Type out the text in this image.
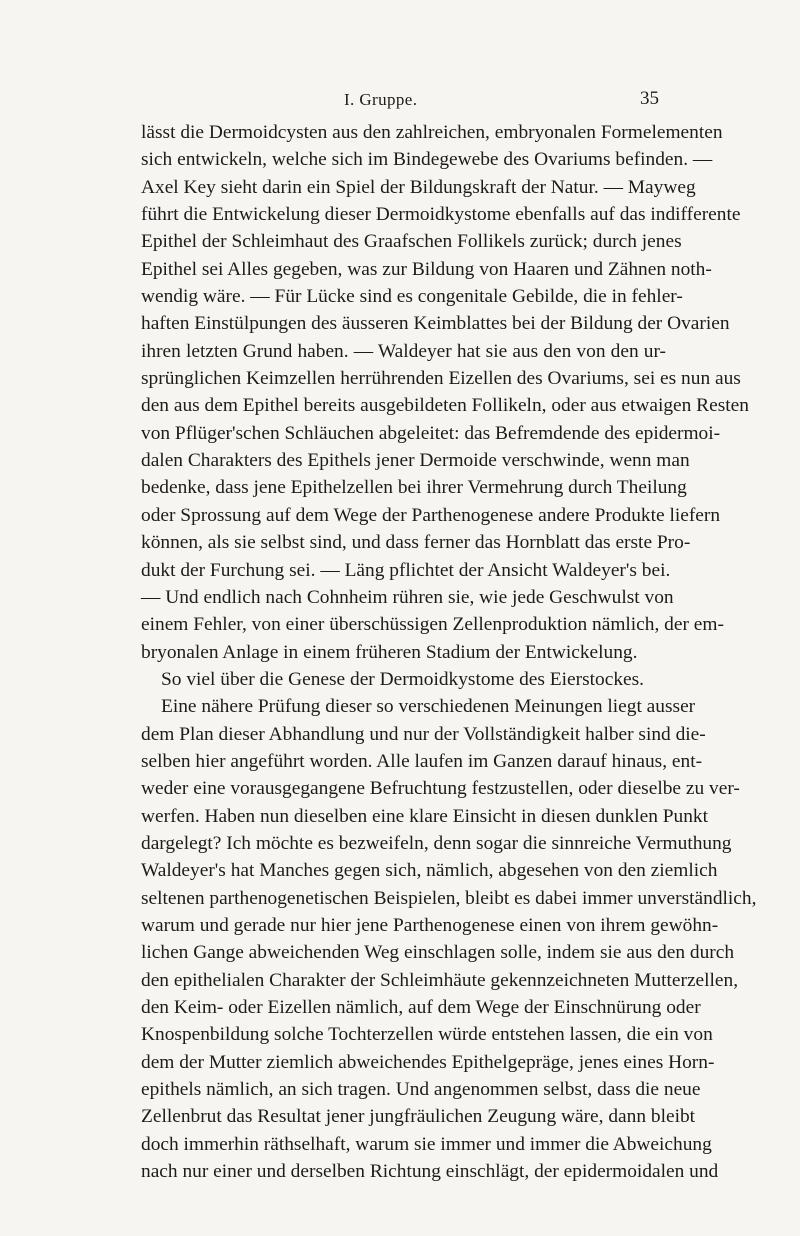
I. Gruppe.	35
lässt die Dermoidcysten aus den zahlreichen, embryonalen Formelementen
sich entwickeln, welche sich im Bindegewebe des Ovariums befinden. —
Axel Key sieht darin ein Spiel der Bildungskraft der Natur. — Mayweg
führt die Entwickelung dieser Dermoidkystome ebenfalls auf das indifferente
Epithel der Schleimhaut des Graafschen Follikels zurück; durch jenes
Epithel sei Alles gegeben, was zur Bildung von Haaren und Zähnen noth-
wendig wäre. — Für Lücke sind es congenitale Gebilde, die in fehler-
haften Einstülpungen des äusseren Keimblattes bei der Bildung der Ovarien
ihren letzten Grund haben. — Waldeyer hat sie aus den von den ur-
sprünglichen Keimzellen herrührenden Eizellen des Ovariums, sei es nun aus
den aus dem Epithel bereits ausgebildeten Follikeln, oder aus etwaigen Resten
von Pflüger'schen Schläuchen abgeleitet: das Befremdende des epidermoi-
dalen Charakters des Epithels jener Dermoide verschwinde, wenn man
bedenke, dass jene Epithelzellen bei ihrer Vermehrung durch Theilung
oder Sprossung auf dem Wege der Parthenogenese andere Produkte liefern
können, als sie selbst sind, und dass ferner das Hornblatt das erste Pro-
dukt der Furchung sei. — Läng pflichtet der Ansicht Waldeyer's bei.
— Und endlich nach Cohnheim rühren sie, wie jede Geschwulst von
einem Fehler, von einer überschüssigen Zellenproduktion nämlich, der em-
bryonalen Anlage in einem früheren Stadium der Entwickelung.
So viel über die Genese der Dermoidkystome des Eierstockes.
Eine nähere Prüfung dieser so verschiedenen Meinungen liegt ausser
dem Plan dieser Abhandlung und nur der Vollständigkeit halber sind die-
selben hier angeführt worden. Alle laufen im Ganzen darauf hinaus, ent-
weder eine vorausgegangene Befruchtung festzustellen, oder dieselbe zu ver-
werfen. Haben nun dieselben eine klare Einsicht in diesen dunklen Punkt
dargelegt? Ich möchte es bezweifeln, denn sogar die sinnreiche Vermuthung
Waldeyer's hat Manches gegen sich, nämlich, abgesehen von den ziemlich
seltenen parthenogenetischen Beispielen, bleibt es dabei immer unverständlich,
warum und gerade nur hier jene Parthenogenese einen von ihrem gewöhn-
lichen Gange abweichenden Weg einschlagen solle, indem sie aus den durch
den epithelialen Charakter der Schleimhäute gekennzeichneten Mutterzellen,
den Keim- oder Eizellen nämlich, auf dem Wege der Einschnürung oder
Knospenbildung solche Tochterzellen würde entstehen lassen, die ein von
dem der Mutter ziemlich abweichendes Epithelgepräge, jenes eines Horn-
epithels nämlich, an sich tragen. Und angenommen selbst, dass die neue
Zellenbrut das Resultat jener jungfräulichen Zeugung wäre, dann bleibt
doch immerhin räthselhaft, warum sie immer und immer die Abweichung
nach nur einer und derselben Richtung einschlägt, der epidermoidalen und
